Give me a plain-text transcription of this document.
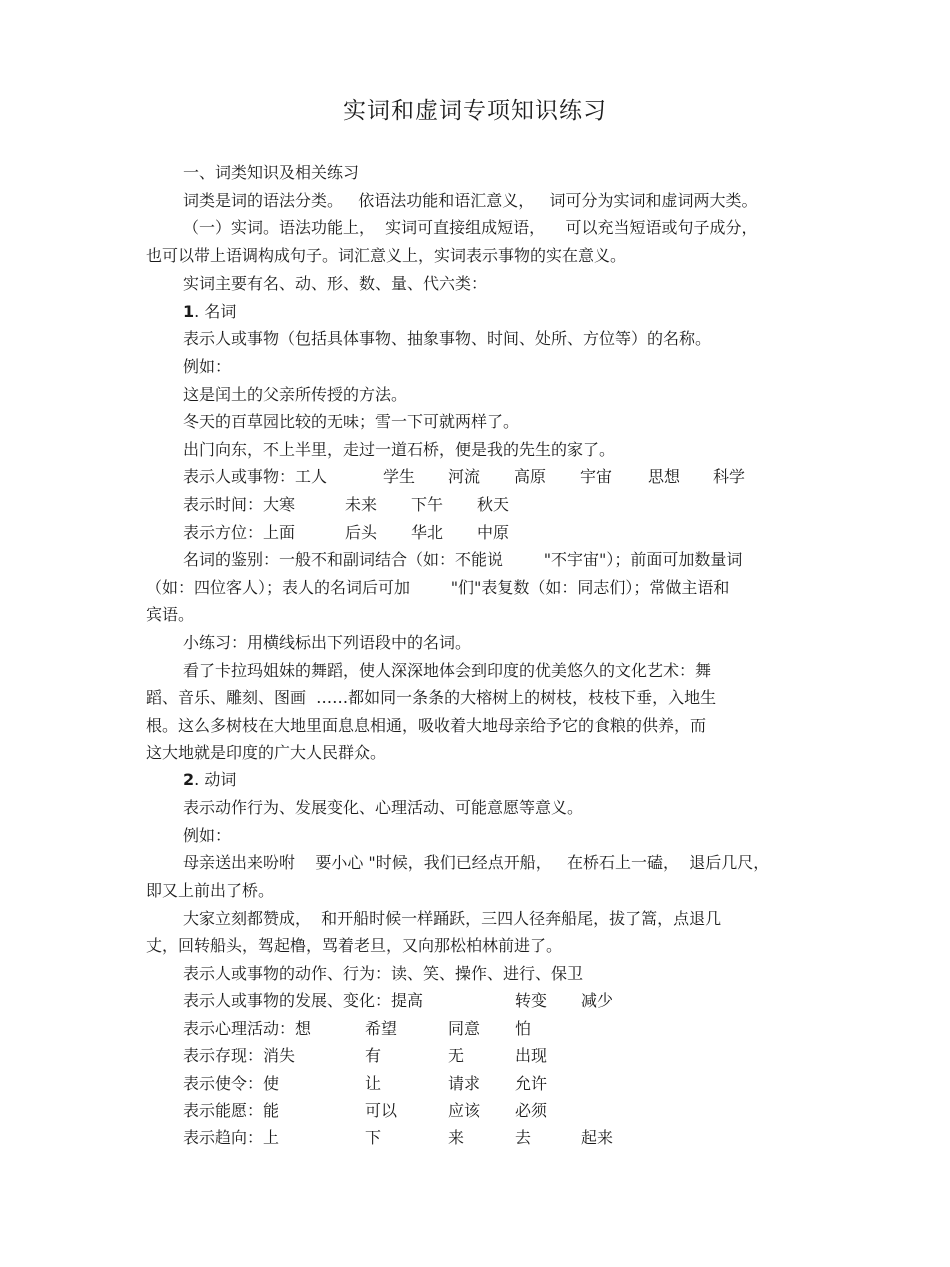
实词和虚词专项知识练习
一、词类知识及相关练习
词类是词的语法分类。   依语法功能和语汇意义，   词可分为实词和虚词两大类。
（一）实词。语法功能上，  实词可直接组成短语，    可以充当短语或句子成分，
也可以带上语调构成句子。词汇意义上，实词表示事物的实在意义。
实词主要有名、动、形、数、量、代六类：
1. 名词
表示人或事物（包括具体事物、抽象事物、时间、处所、方位等）的名称。
例如：
这是闰土的父亲所传授的方法。
冬天的百草园比较的无味；雪一下可就两样了。
出门向东，不上半里，走过一道石桥，便是我的先生的家了。
表示人或事物：工人	学生 河流 高原 宇宙 思想 科学
表示时间：大寒	未来 下午 秋天
表示方位：上面	后头 华北 中原
名词的鉴别：一般不和副词结合（如：不能说        "不宇宙"）；前面可加数量词
（如：四位客人）；表人的名词后可加        "们"表复数（如：同志们）；常做主语和
宾语。
小练习：用横线标出下列语段中的名词。
看了卡拉玛姐妹的舞蹈，使人深深地体会到印度的优美悠久的文化艺术：舞
蹈、音乐、雕刻、图画  ……都如同一条条的大榕树上的树枝，枝枝下垂，入地生
根。这么多树枝在大地里面息息相通，吸收着大地母亲给予它的食粮的供养，而
这大地就是印度的广大人民群众。
2. 动词
表示动作行为、发展变化、心理活动、可能意愿等意义。
例如：
母亲送出来吩咐    要小心 "时候，我们已经点开船，   在桥石上一磕，  退后几尺，
即又上前出了桥。
大家立刻都赞成，  和开船时候一样踊跃，三四人径奔船尾，拔了篙，点退几
丈，回转船头，驾起橹，骂着老旦，又向那松柏林前进了。
表示人或事物的动作、行为：读、笑、操作、进行、保卫
表示人或事物的发展、变化：提高	转变 减少
表示心理活动：想	希望	同意 怕
表示存现：消失	有	无	出现
表示使令：使	让	请求 允许
表示能愿：能	可以	应该 必须
表示趋向：上	下	来	去	起来
